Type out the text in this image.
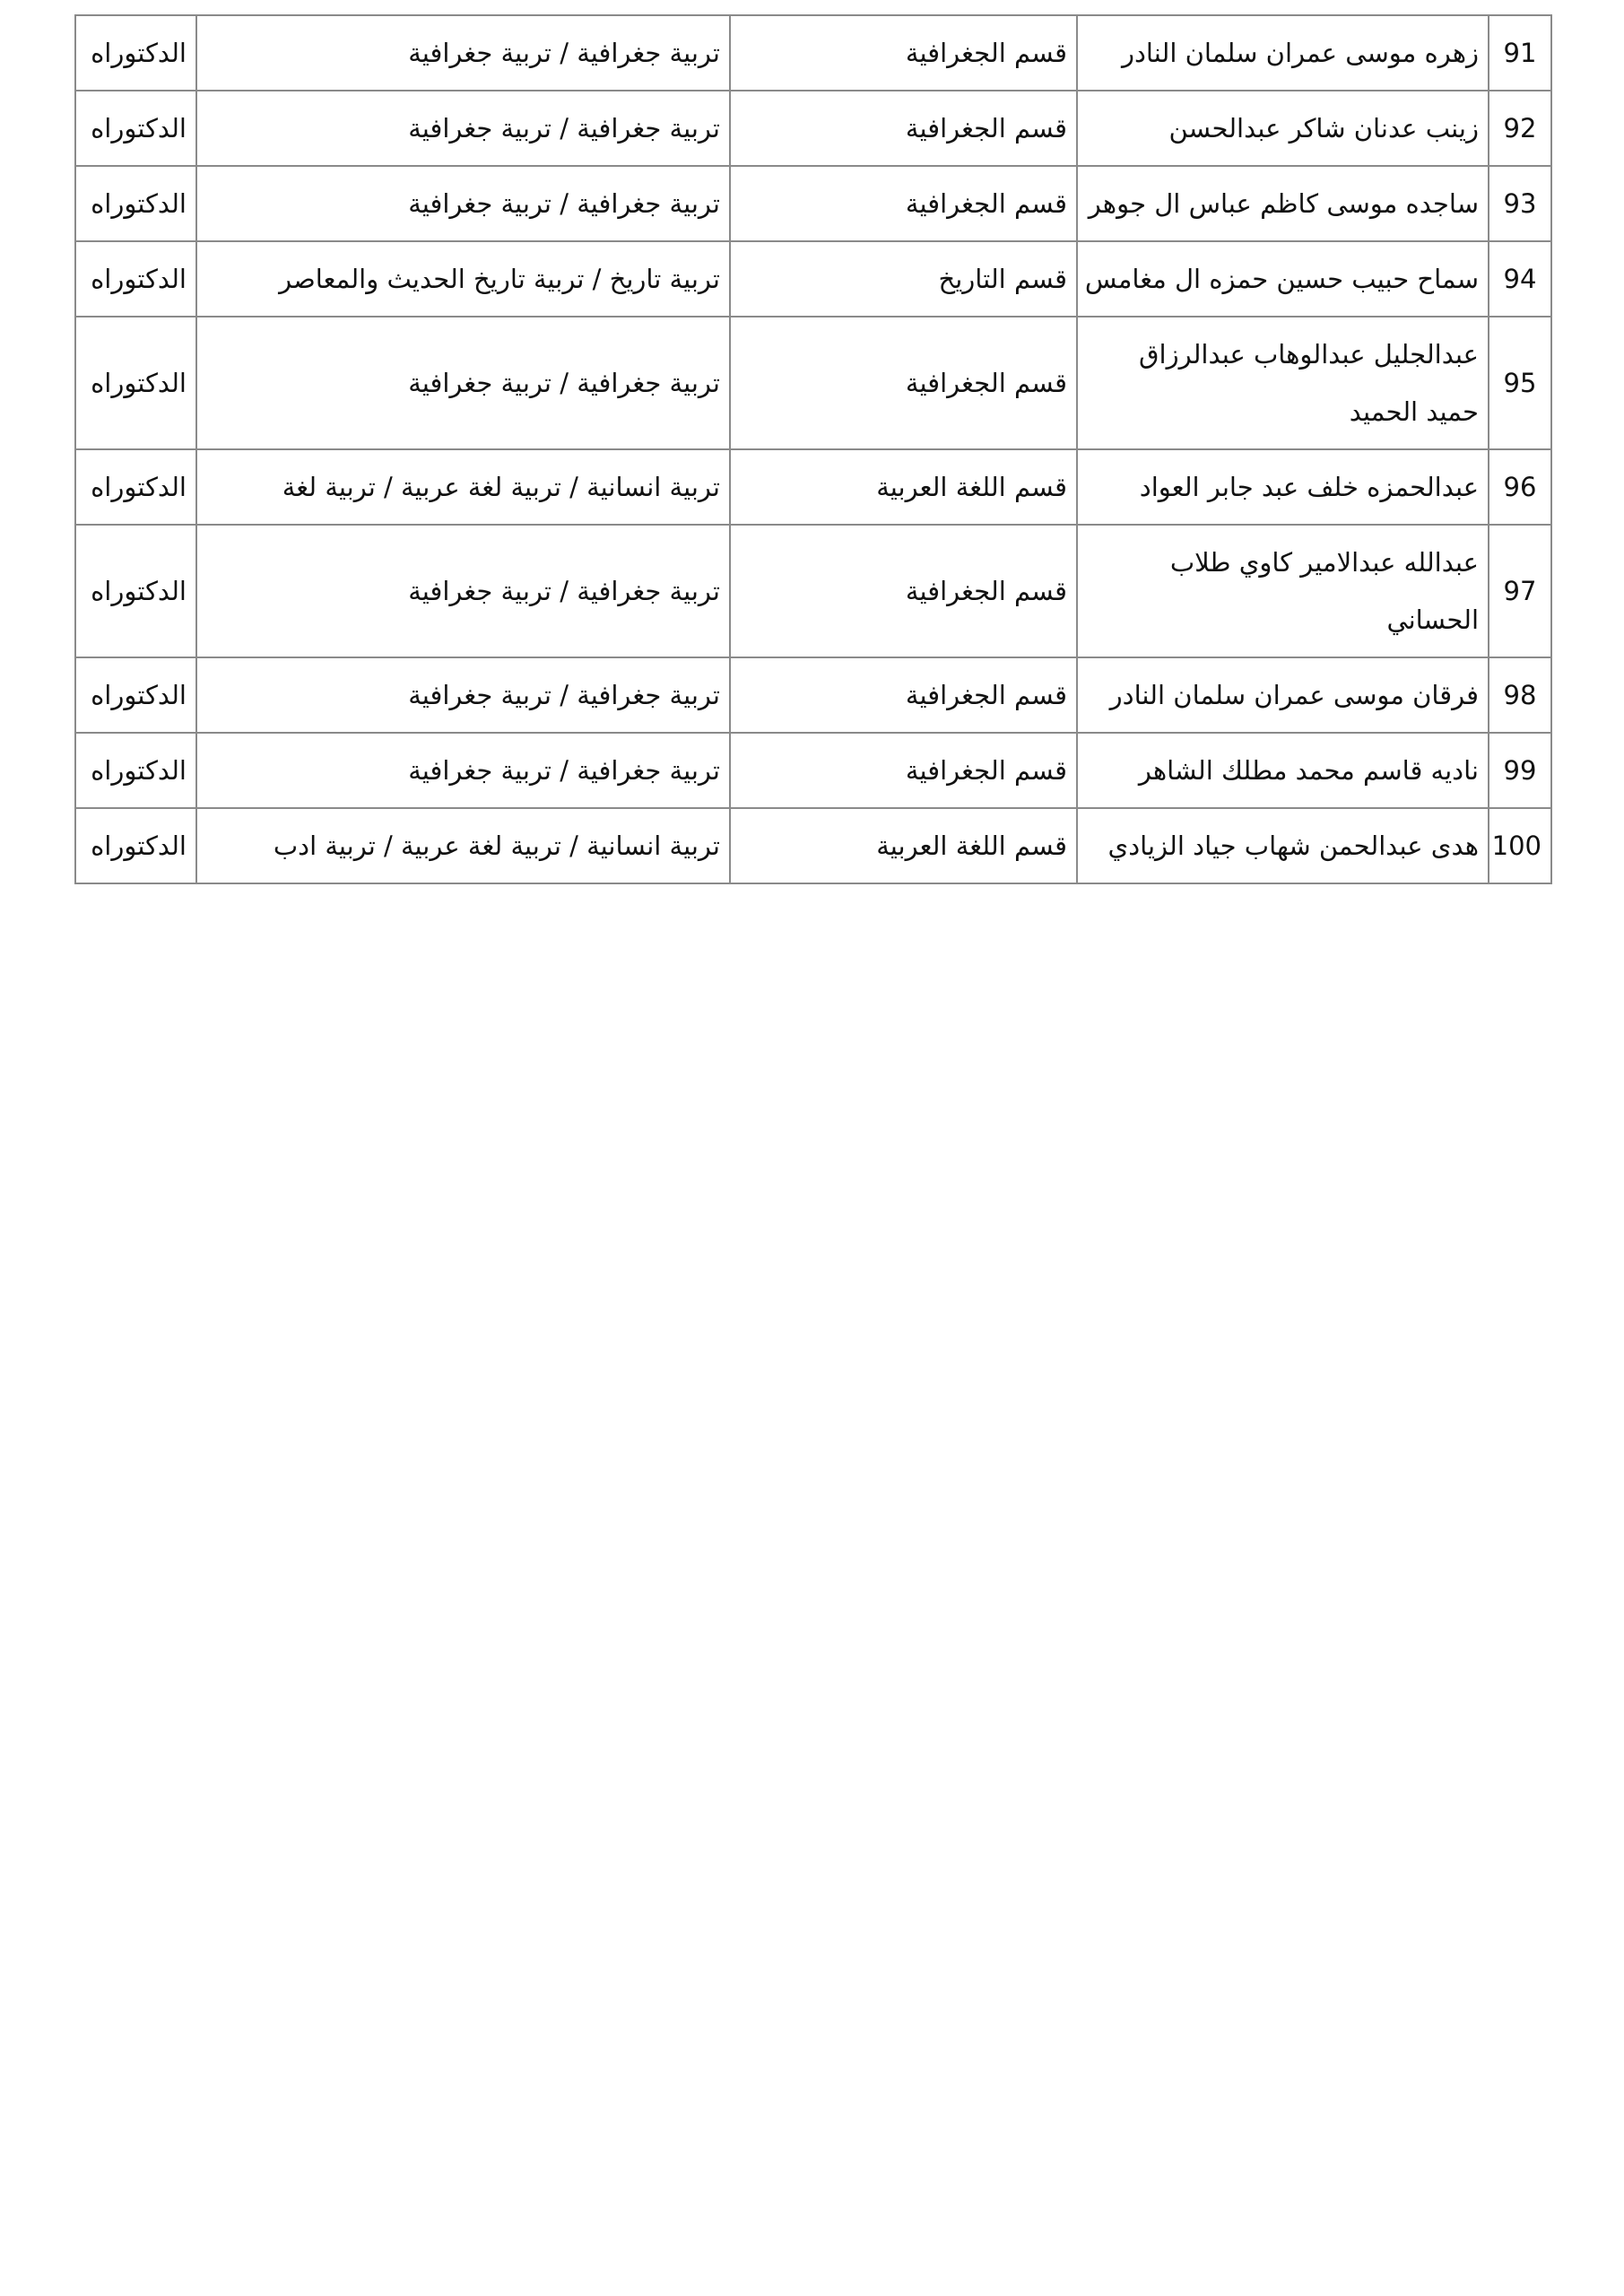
91	زهره موسى عمران سلمان النادر	قسم الجغرافية	تربية جغرافية / تربية جغرافية	الدكتوراه
92	زينب عدنان شاكر عبدالحسن	قسم الجغرافية	تربية جغرافية / تربية جغرافية	الدكتوراه
93	ساجده موسى كاظم عباس ال جوهر	قسم الجغرافية	تربية جغرافية / تربية جغرافية	الدكتوراه
94	سماح حبيب حسين حمزه ال مغامس	قسم التاريخ	تربية تاريخ / تربية تاريخ الحديث والمعاصر	الدكتوراه
95	عبدالجليل عبدالوهاب عبدالرزاق حميد الحميد	قسم الجغرافية	تربية جغرافية / تربية جغرافية	الدكتوراه
96	عبدالحمزه خلف عبد جابر العواد	قسم اللغة العربية	تربية انسانية / تربية لغة عربية / تربية لغة	الدكتوراه
97	عبدالله عبدالامير كاوي طلاب الحساني	قسم الجغرافية	تربية جغرافية / تربية جغرافية	الدكتوراه
98	فرقان موسى عمران سلمان النادر	قسم الجغرافية	تربية جغرافية / تربية جغرافية	الدكتوراه
99	ناديه قاسم محمد مطلك الشاهر	قسم الجغرافية	تربية جغرافية / تربية جغرافية	الدكتوراه
100	هدى عبدالحمن شهاب جياد الزيادي	قسم اللغة العربية	تربية انسانية / تربية لغة عربية / تربية ادب	الدكتوراه
